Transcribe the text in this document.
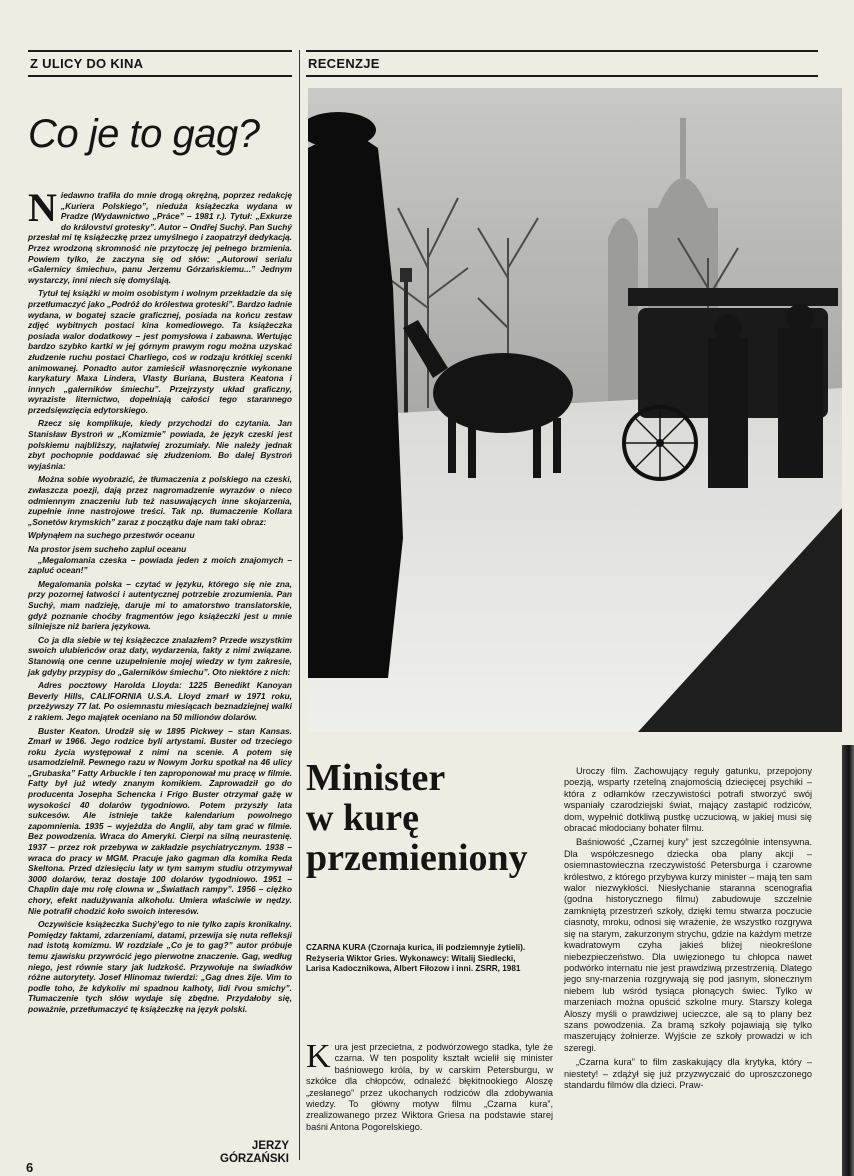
Z ULICY DO KINA	RECENZJE
Co je to gag?

Niedawno trafiła do mnie drogą okrężną, poprzez redakcję „Kuriera Polskiego”, nieduża książeczka wydana w Pradze (Wydawnictwo „Práce” – 1981 r.). Tytuł: „Exkurze do království grotesky”. Autor – Ondřej Suchý. Pan Suchý przesłał mi tę książeczkę przez umyślnego i zaopatrzył dedykacją. Przez wrodzoną skromność nie przytoczę jej pełnego brzmienia. Powiem tylko, że zaczyna się od słów: „Autorowi serialu «Galernicy śmiechu», panu Jerzemu Górzańskiemu...” Jednym wystarczy, inni niech się domyślają.

Tytuł tej książki w moim osobistym i wolnym przekładzie da się przetłumaczyć jako „Podróż do królestwa groteski”. Bardzo ładnie wydana, w bogatej szacie graficznej, posiada na końcu zestaw zdjęć wybitnych postaci kina komediowego. Ta książeczka posiada walor dodatkowy – jest pomysłowa i zabawna. Wertując bardzo szybko kartki w jej górnym prawym rogu można uzyskać złudzenie ruchu postaci Charliego, coś w rodzaju krótkiej scenki animowanej. Ponadto autor zamieścił własnoręcznie wykonane karykatury Maxa Lindera, Vlasty Buriana, Bustera Keatona i innych „galerników śmiechu”. Przejrzysty układ graficzny, wyraziste liternictwo, dopełniają całości tego starannego przedsięwzięcia edytorskiego.

Rzecz się komplikuje, kiedy przychodzi do czytania. Jan Stanisław Bystroń w „Komizmie” powiada, że język czeski jest polskiemu najbliższy, najłatwiej zrozumiały. Nie należy jednak zbyt pochopnie poddawać się złudzeniom. Bo dalej Bystroń wyjaśnia:

Można sobie wyobrazić, że tłumaczenia z polskiego na czeski, zwłaszcza poezji, dają przez nagromadzenie wyrazów o nieco odmiennym znaczeniu lub też nasuwających inne skojarzenia, zupełnie inne nastrojowe treści. Tak np. tłumaczenie Kollara „Sonetów krymskich” zaraz z początku daje nam taki obraz:

Wpłynąłem na suchego przestwór oceanu

Na prostor jsem sucheho zaplul oceanu

„Megalomania czeska – powiada jeden z moich znajomych – zapluć ocean!”

Megalomania polska – czytać w języku, którego się nie zna, przy pozornej łatwości i autentycznej potrzebie zrozumienia. Pan Suchý, mam nadzieję, daruje mi to amatorstwo translatorskie, gdyż poznanie choćby fragmentów jego książeczki jest u mnie silniejsze niż bariera językowa.

Co ja dla siebie w tej książeczce znalazłem? Przede wszystkim swoich ulubieńców oraz daty, wydarzenia, fakty z nimi związane. Stanowią one cenne uzupełnienie mojej wiedzy w tym zakresie, jak gdyby przypisy do „Galerników śmiechu”. Oto niektóre z nich:

Adres pocztowy Harolda Lloyda: 1225 Benedikt Kanoyan Beverly Hills, CALIFORNIA U.S.A. Lloyd zmarł w 1971 roku, przeżywszy 77 lat. Po osiemnastu miesiącach beznadziejnej walki z rakiem. Jego majątek oceniano na 50 milionów dolarów.

Buster Keaton. Urodził się w 1895 Pickwey – stan Kansas. Zmarł w 1966. Jego rodzice byli artystami. Buster od trzeciego roku życia występował z nimi na scenie. A potem się usamodzielnił. Pewnego razu w Nowym Jorku spotkał na 46 ulicy „Grubaska” Fatty Arbuckle i ten zaproponował mu pracę w filmie. Fatty był już wtedy znanym komikiem. Zaprowadził go do producenta Josepha Schencka i Frigo Buster otrzymał gażę w wysokości 40 dolarów tygodniowo. Potem przyszły lata sukcesów. Ale istnieje także kalendarium powolnego zapomnienia. 1935 – wyjeżdża do Anglii, aby tam grać w filmie. Bez powodzenia. Wraca do Ameryki. Cierpi na silną neurastenię. 1937 – przez rok przebywa w zakładzie psychiatrycznym. 1938 – wraca do pracy w MGM. Pracuje jako gagman dla komika Reda Skeltona. Przed dziesięciu laty w tym samym studiu otrzymywał 3000 dolarów, teraz dostaje 100 dolarów tygodniowo. 1951 – Chaplin daje mu rolę clowna w „Światłach rampy”. 1956 – ciężko chory, efekt nadużywania alkoholu. Umiera właściwie w nędzy. Nie potrafił chodzić koło swoich interesów.

Oczywiście książeczka Suchý'ego to nie tylko zapis kronikalny. Pomiędzy faktami, zdarzeniami, datami, przewija się nuta refleksji nad istotą komizmu. W rozdziale „Co je to gag?” autor próbuje temu zjawisku przywrócić jego pierwotne znaczenie. Gag, według niego, jest równie stary jak ludzkość. Przywołuje na świadków różne autorytety. Josef Hlinomaz twierdzi: „Gag dnes žije. Vim to podle toho, že kdykoliv mi spadnou kalhoty, lidi řvou smichy”. Tłumaczenie tych słów wydaje się zbędne. Przydałoby się, poważnie, przetłumaczyć tę książeczkę na język polski.

JERZY
GÓRZAŃSKI
6
Minister
w kurę
przemieniony
CZARNA KURA (Czornaja kurica, ili podziemnyje żytieli).
Reżyseria Wiktor Gries. Wykonawcy: Witalij Siedlecki,
Larisa Kadocznikowa, Albert Fiłozow i inni. ZSRR, 1981

Kura jest przecietna, z podwórzowego stadka, tyle że czarna. W ten pospolity kształt wcielił się minister baśniowego króla, by w carskim Petersburgu, w szkółce dla chłopców, odnaleźć błękitnookiego Aloszę „zesłanego” przez ukochanych rodziców dla zdobywania wiedzy. To główny motyw filmu „Czarna kura”, zrealizowanego przez Wiktora Griesa na podstawie starej baśni Antona Pogorelskiego.

Uroczy film. Zachowujący reguły gatunku, przepojony poezją, wsparty rzetelną znajomością dziecięcej psychiki – która z odłamków rzeczywistości potrafi stworzyć swój wspaniały czarodziejski świat, mający zastąpić rodziców, dom, wypełnić dotkliwą pustkę uczuciową, w jakiej musi się obracać młodociany bohater filmu.

Baśniowość „Czarnej kury” jest szczególnie intensywna. Dla współczesnego dziecka oba plany akcji – osiemnastowieczna rzeczywistość Petersburga i czarowne królestwo, z którego przybywa kurzy minister – mają ten sam walor niezwykłości. Niesłychanie staranna scenografia (godna historycznego filmu) zabudowuje szczelnie zamkniętą przestrzeń szkoły, dzięki temu stwarza poczucie ciasnoty, mroku, odnosi się wrażenie, że wszystko rozgrywa się na starym, zakurzonym strychu, gdzie na każdym metrze kwadratowym czyha jakieś bliżej nieokreślone niebezpieczeństwo. Dla uwięzionego tu chłopca nawet podwórko internatu nie jest prawdziwą przestrzenią. Dlatego jego sny-marzenia rozgrywają się pod jasnym, słonecznym niebem lub wśród tysiąca płonących świec. Tylko w marzeniach można opuścić szkolne mury. Starszy kolega Aloszy myśli o prawdziwej ucieczce, ale są to plany bez szans powodzenia. Za bramą szkoły pojawiają się tylko maszerujący żołnierze. Wyjście ze szkoły prowadzi w ich szeregi.

„Czarna kura” to film zaskakujący dla krytyka, który – niestety! – zdążył się już przyzwyczaić do uproszczonego standardu filmów dla dzieci. Praw-
